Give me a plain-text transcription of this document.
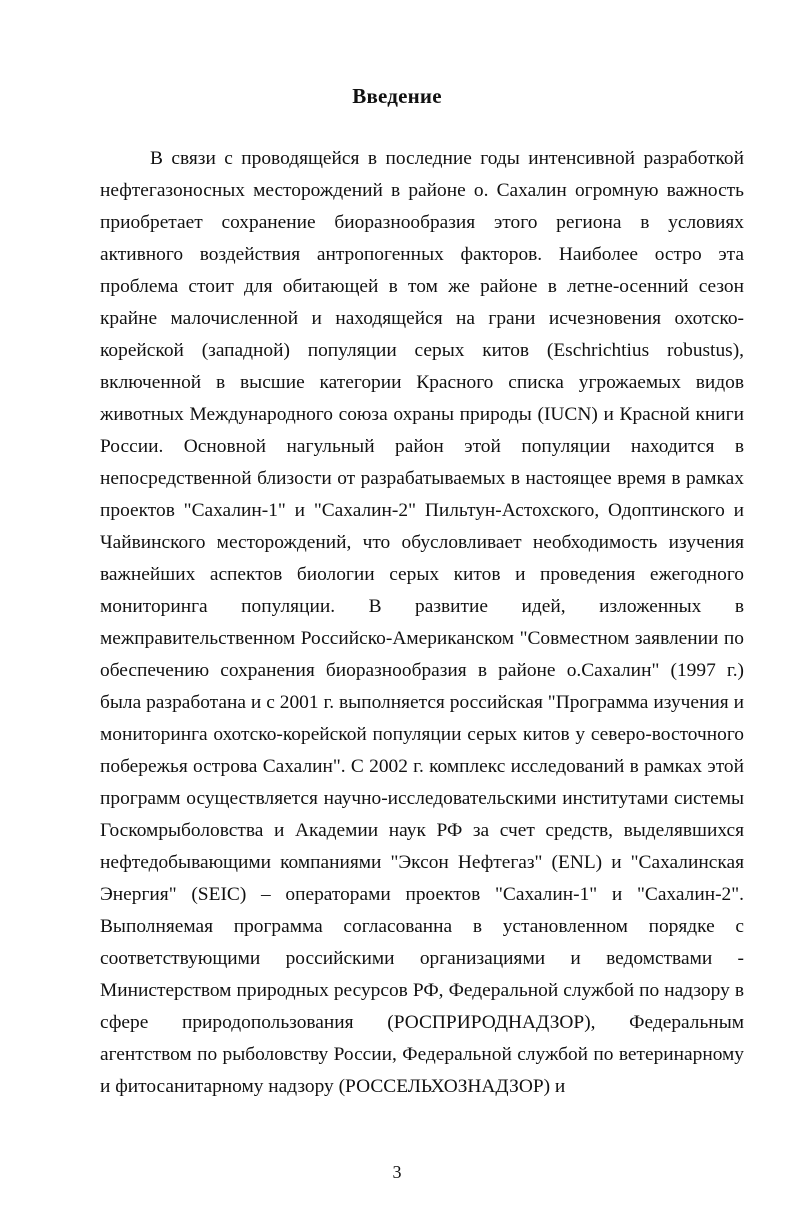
Введение

В связи с проводящейся в последние годы интенсивной разработкой нефтегазоносных месторождений в районе о. Сахалин огромную важность приобретает сохранение биоразнообразия этого региона в условиях активного воздействия антропогенных факторов. Наиболее остро эта проблема стоит для обитающей в том же районе в летне-осенний сезон крайне малочисленной и находящейся на грани исчезновения охотско-корейской (западной) популяции серых китов (Eschrichtius robustus), включенной в высшие категории Красного списка угрожаемых видов животных Международного союза охраны природы (IUCN) и Красной книги России. Основной нагульный район этой популяции находится в непосредственной близости от разрабатываемых в настоящее время в рамках проектов "Сахалин-1" и "Сахалин-2" Пильтун-Астохского, Одоптинского и Чайвинского месторождений, что обусловливает необходимость изучения важнейших аспектов биологии серых китов и проведения ежегодного мониторинга популяции. В развитие идей, изложенных в межправительственном Российско-Американском "Совместном заявлении по обеспечению сохранения биоразнообразия в районе о.Сахалин" (1997 г.) была разработана и с 2001 г. выполняется российская "Программа изучения и мониторинга охотско-корейской популяции серых китов у северо-восточного побережья острова Сахалин". С 2002 г. комплекс исследований в рамках этой программ осуществляется научно-исследовательскими институтами системы Госкомрыболовства и Академии наук РФ за счет средств, выделявшихся нефтедобывающими компаниями "Эксон Нефтегаз" (ENL) и "Сахалинская Энергия" (SEIC) – операторами проектов "Сахалин-1" и "Сахалин-2". Выполняемая программа согласованна в установленном порядке с соответствующими российскими организациями и ведомствами - Министерством природных ресурсов РФ, Федеральной службой по надзору в сфере природопользования (РОСПРИРОДНАДЗОР), Федеральным агентством по рыболовству России, Федеральной службой по ветеринарному и фитосанитарному надзору (РОССЕЛЬХОЗНАДЗОР) и

3
